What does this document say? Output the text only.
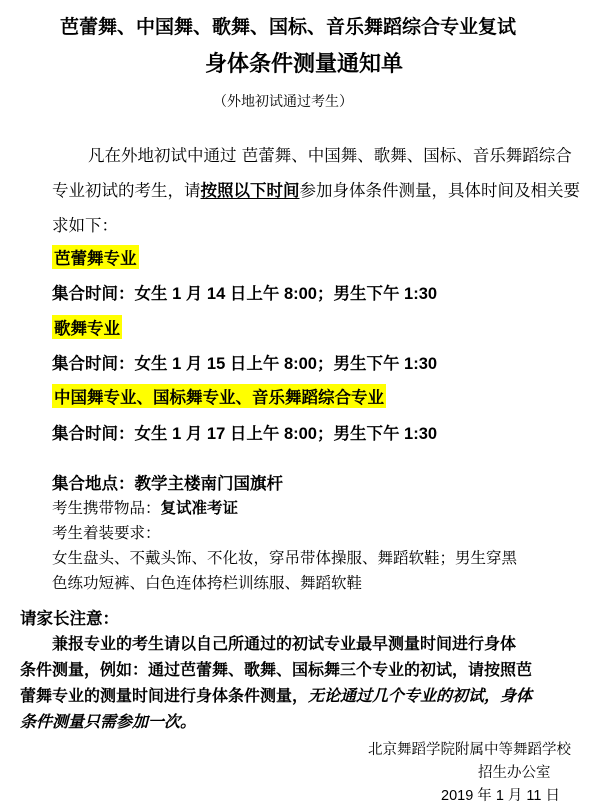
芭蕾舞、中国舞、歌舞、国标、音乐舞蹈综合专业复试
身体条件测量通知单
（外地初试通过考生）
凡在外地初试中通过 芭蕾舞、中国舞、歌舞、国标、音乐舞蹈综合
专业初试的考生，请按照以下时间参加身体条件测量，具体时间及相关要
求如下：
芭蕾舞专业
集合时间：女生 1 月 14 日上午 8:00；男生下午 1:30
歌舞专业
集合时间：女生 1 月 15 日上午 8:00；男生下午 1:30
中国舞专业、国标舞专业、音乐舞蹈综合专业
集合时间：女生 1 月 17 日上午 8:00；男生下午 1:30
集合地点：教学主楼南门国旗杆
考生携带物品：复试准考证
考生着装要求：
女生盘头、不戴头饰、不化妆，穿吊带体操服、舞蹈软鞋；男生穿黑
色练功短裤、白色连体挎栏训练服、舞蹈软鞋
请家长注意：
兼报专业的考生请以自己所通过的初试专业最早测量时间进行身体
条件测量，例如：通过芭蕾舞、歌舞、国标舞三个专业的初试，请按照芭
蕾舞专业的测量时间进行身体条件测量，无论通过几个专业的初试，身体
条件测量只需参加一次。
北京舞蹈学院附属中等舞蹈学校
招生办公室
2019 年 1 月 11 日
